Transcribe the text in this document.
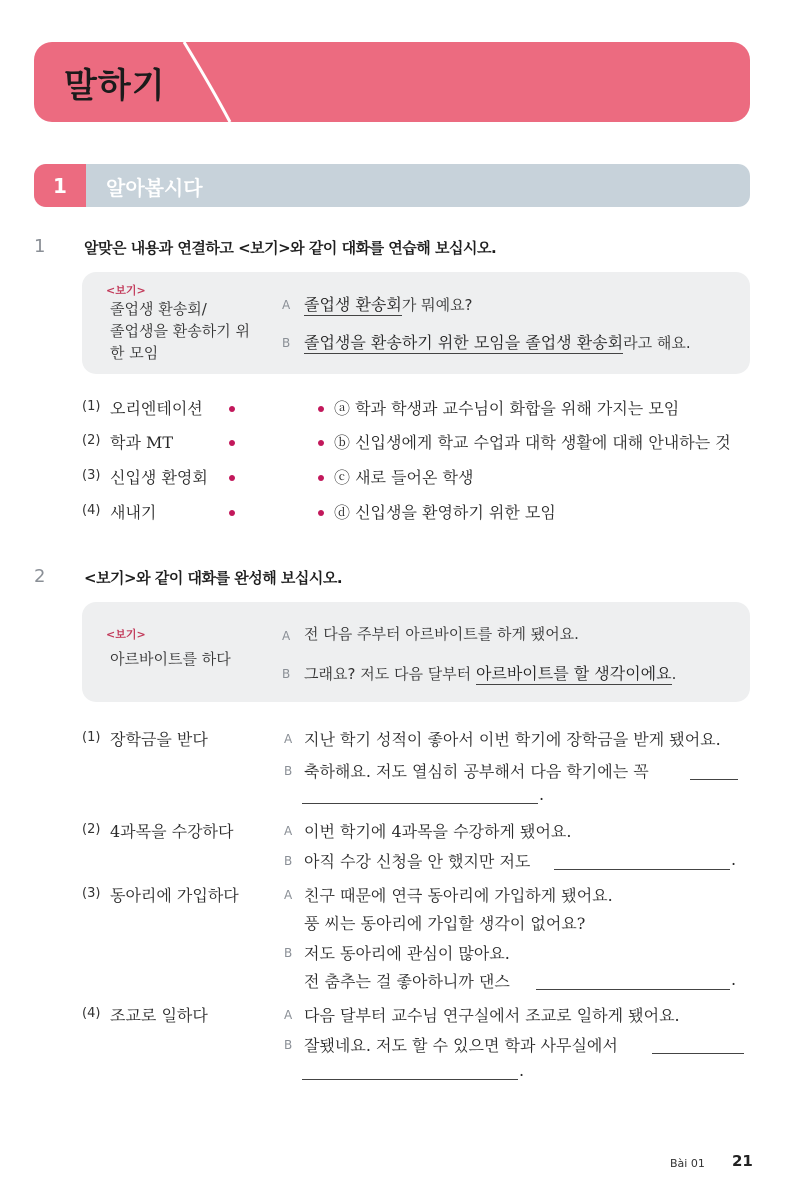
말하기
1	알아봅시다
1	알맞은 내용과 연결하고 <보기>와 같이 대화를 연습해 보십시오.
<보기>
졸업생 환송회/
졸업생을 환송하기 위
한 모임
A 졸업생 환송회가 뭐예요?
B 졸업생을 환송하기 위한 모임을 졸업생 환송회라고 해요.
(1) 오리엔테이션	ⓐ 학과 학생과 교수님이 화합을 위해 가지는 모임
(2) 학과 MT	ⓑ 신입생에게 학교 수업과 대학 생활에 대해 안내하는 것
(3) 신입생 환영회	ⓒ 새로 들어온 학생
(4) 새내기	ⓓ 신입생을 환영하기 위한 모임
2	<보기>와 같이 대화를 완성해 보십시오.
<보기>
아르바이트를 하다
A 전 다음 주부터 아르바이트를 하게 됐어요.
B 그래요? 저도 다음 달부터 아르바이트를 할 생각이에요.
(1) 장학금을 받다	A 지난 학기 성적이 좋아서 이번 학기에 장학금을 받게 됐어요.
B 축하해요. 저도 열심히 공부해서 다음 학기에는 꼭
.
(2) 4과목을 수강하다	A 이번 학기에 4과목을 수강하게 됐어요.
B 아직 수강 신청을 안 했지만 저도	.
(3) 동아리에 가입하다	A 친구 때문에 연극 동아리에 가입하게 됐어요.
풍 씨는 동아리에 가입할 생각이 없어요?
B 저도 동아리에 관심이 많아요.
전 춤추는 걸 좋아하니까 댄스	.
(4) 조교로 일하다	A 다음 달부터 교수님 연구실에서 조교로 일하게 됐어요.
B 잘됐네요. 저도 할 수 있으면 학과 사무실에서
.
Bài 01 21
